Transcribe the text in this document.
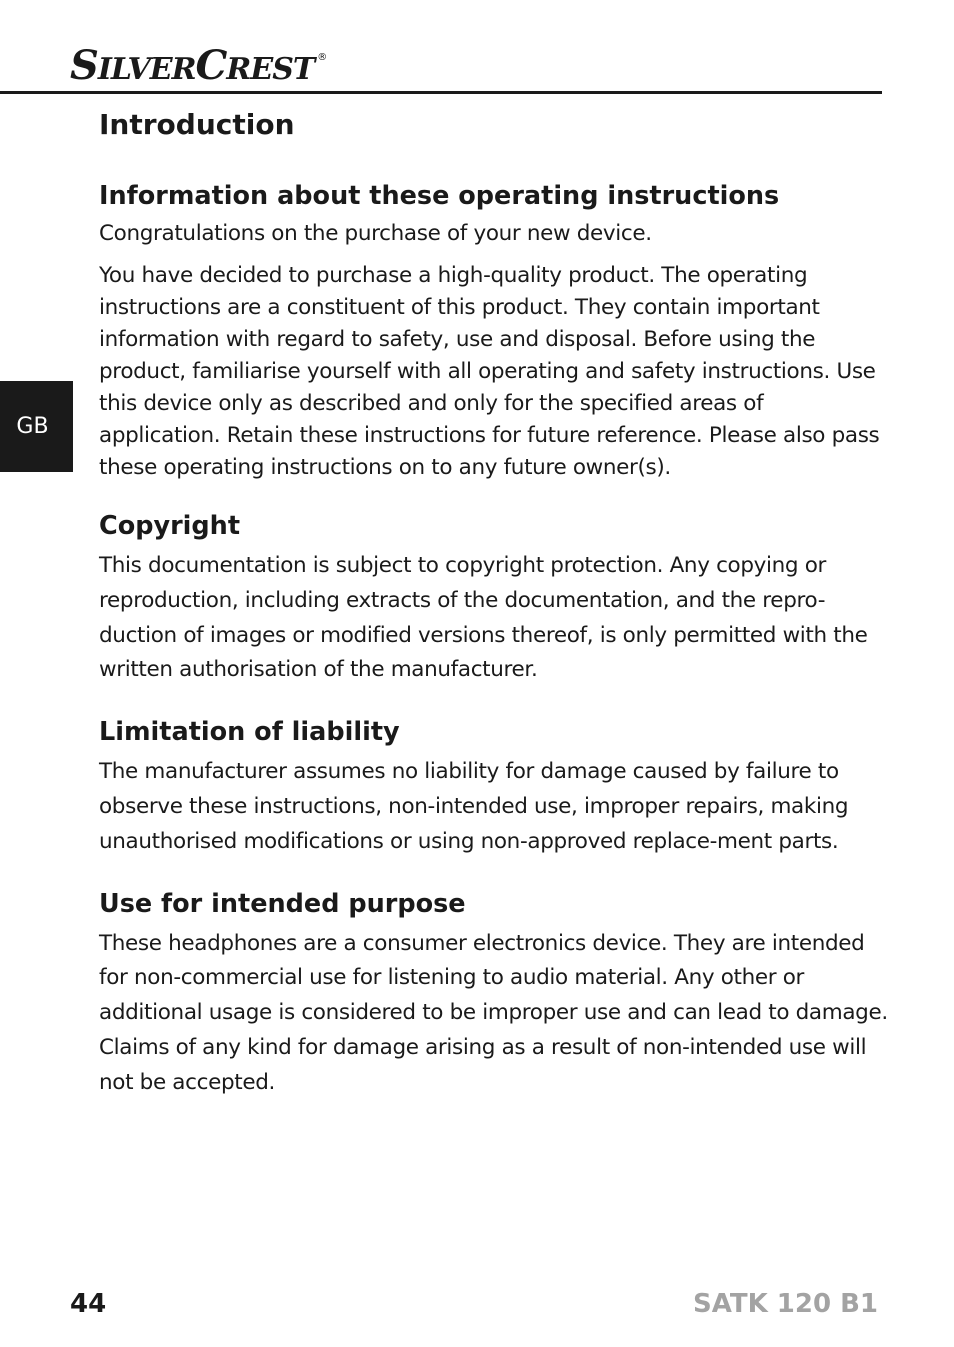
S ILVER C REST ®
GB
Introduction
Information about these operating instructions

Congratulations on the purchase of your new device.

You have decided to purchase a high-quality product. The operating instructions are a constituent of this product. They contain important information with regard to safety, use and disposal. Before using the product, familiarise yourself with all operating and safety instructions. Use this device only as described and only for the specified areas of application. Retain these instructions for future reference. Please also pass these operating instructions on to any future owner(s).

Copyright

This documentation is subject to copyright protection. Any copying or reproduction, including extracts of the documentation, and the repro-duction of images or modified versions thereof, is only permitted with the written authorisation of the manufacturer.

Limitation of liability

The manufacturer assumes no liability for damage caused by failure to observe these instructions, non-intended use, improper repairs, making unauthorised modifications or using non-approved replace-ment parts.

Use for intended purpose

These headphones are a consumer electronics device. They are intended for non-commercial use for listening to audio material. Any other or additional usage is considered to be improper use and can lead to damage. Claims of any kind for damage arising as a result of non-intended use will not be accepted.

44	SATK 120 B1
